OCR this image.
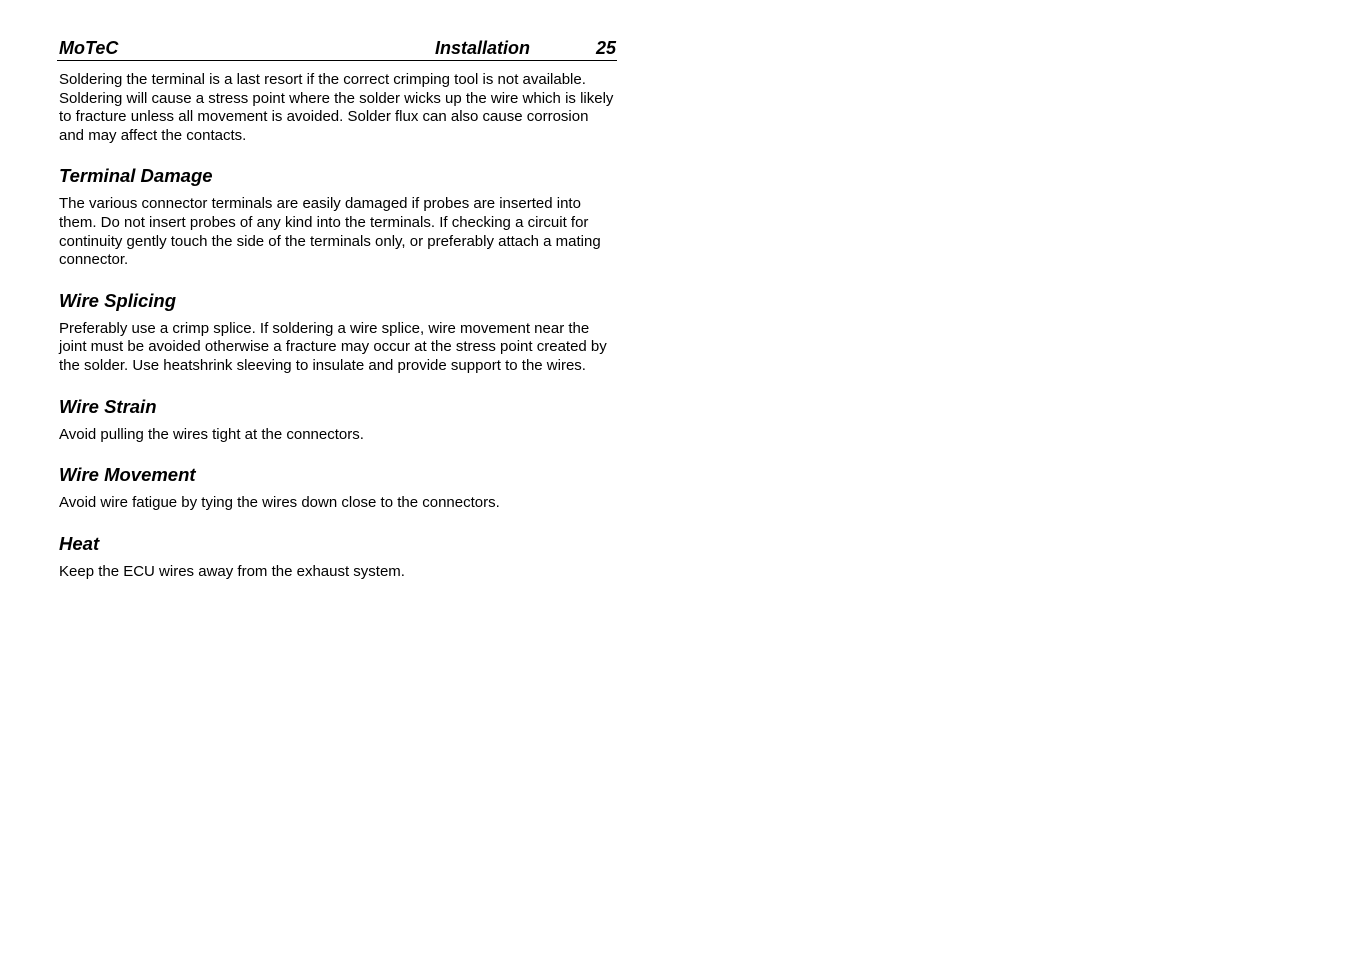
MoTeC	Installation	25

Soldering the terminal is a last resort if the correct crimping tool is not available. Soldering will cause a stress point where the solder wicks up the wire which is likely to fracture unless all movement is avoided. Solder flux can also cause corrosion and may affect the contacts.

Terminal Damage

The various connector terminals are easily damaged if probes are inserted into them. Do not insert probes of any kind into the terminals. If checking a circuit for continuity gently touch the side of the terminals only, or preferably attach a mating connector.

Wire Splicing

Preferably use a crimp splice. If soldering a wire splice, wire movement near the joint must be avoided otherwise a fracture may occur at the stress point created by the solder. Use heatshrink sleeving to insulate and provide support to the wires.

Wire Strain

Avoid pulling the wires tight at the connectors.

Wire Movement

Avoid wire fatigue by tying the wires down close to the connectors.

Heat

Keep the ECU wires away from the exhaust system.
